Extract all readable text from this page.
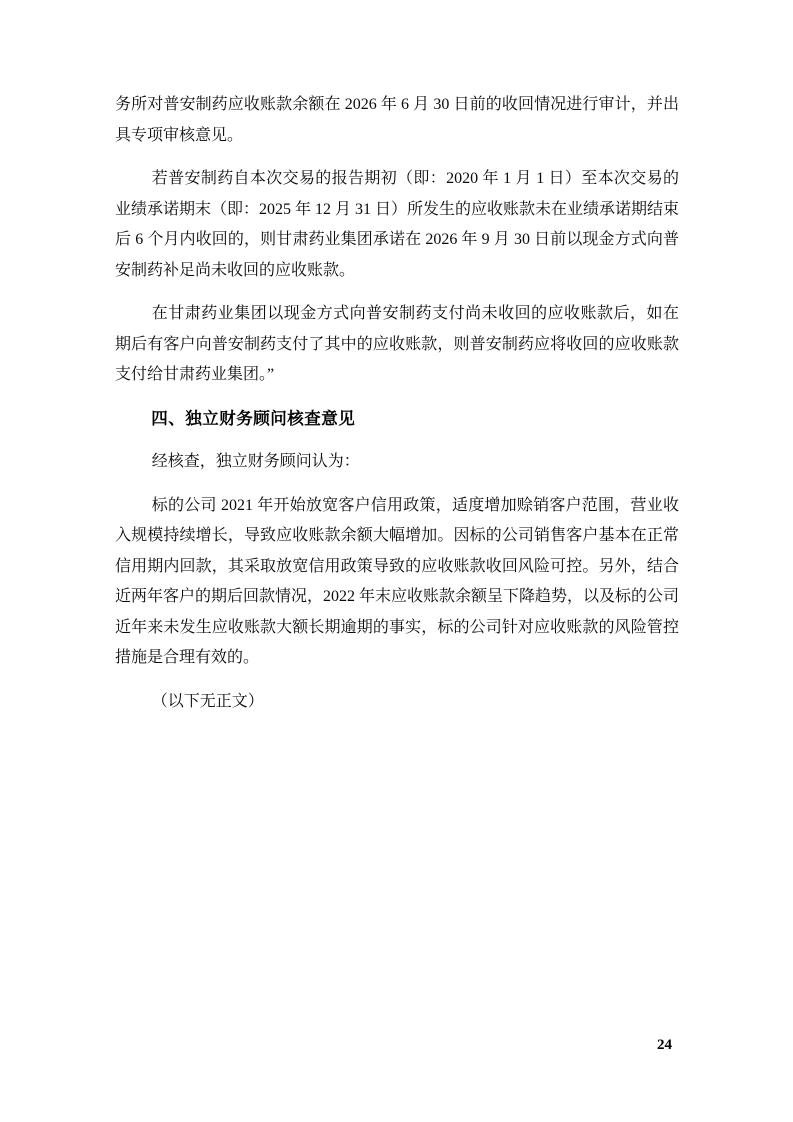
务所对普安制药应收账款余额在 2026 年 6 月 30 日前的收回情况进行审计，并出具专项审核意见。

若普安制药自本次交易的报告期初（即：2020 年 1 月 1 日）至本次交易的业绩承诺期末（即：2025 年 12 月 31 日）所发生的应收账款未在业绩承诺期结束后 6 个月内收回的，则甘肃药业集团承诺在 2026 年 9 月 30 日前以现金方式向普安制药补足尚未收回的应收账款。

在甘肃药业集团以现金方式向普安制药支付尚未收回的应收账款后，如在期后有客户向普安制药支付了其中的应收账款，则普安制药应将收回的应收账款支付给甘肃药业集团。”

四、独立财务顾问核查意见

经核查，独立财务顾问认为：

标的公司 2021 年开始放宽客户信用政策，适度增加赊销客户范围，营业收入规模持续增长，导致应收账款余额大幅增加。因标的公司销售客户基本在正常信用期内回款，其采取放宽信用政策导致的应收账款收回风险可控。另外，结合近两年客户的期后回款情况，2022 年末应收账款余额呈下降趋势，以及标的公司近年来未发生应收账款大额长期逾期的事实，标的公司针对应收账款的风险管控措施是合理有效的。

（以下无正文）

24
